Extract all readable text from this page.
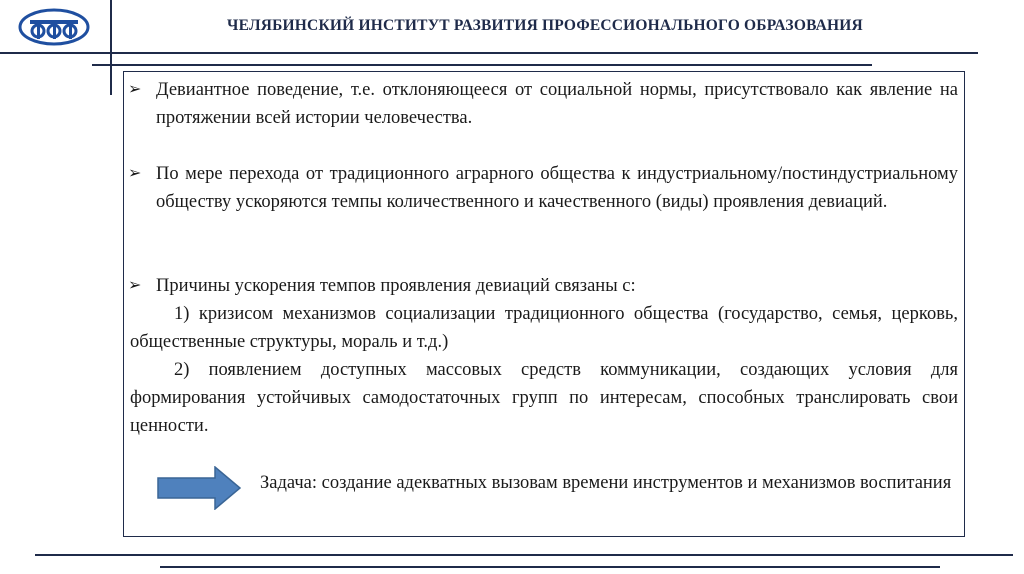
ЧЕЛЯБИНСКИЙ ИНСТИТУТ РАЗВИТИЯ ПРОФЕССИОНАЛЬНОГО ОБРАЗОВАНИЯ
➢ Девиантное поведение, т.е. отклоняющееся от социальной нормы, присутствовало как явление на протяжении всей истории человечества.
➢ По мере перехода от традиционного аграрного общества к индустриальному/постиндустриальному обществу ускоряются темпы количественного и качественного (виды) проявления девиаций.
➢ Причины ускорения темпов проявления девиаций связаны с:
1) кризисом механизмов социализации традиционного общества (государство, семья, церковь, общественные структуры, мораль и т.д.)
2) появлением доступных массовых средств коммуникации, создающих условия для формирования устойчивых самодостаточных групп по интересам, способных транслировать свои ценности.
Задача: создание адекватных вызовам времени инструментов и механизмов воспитания
